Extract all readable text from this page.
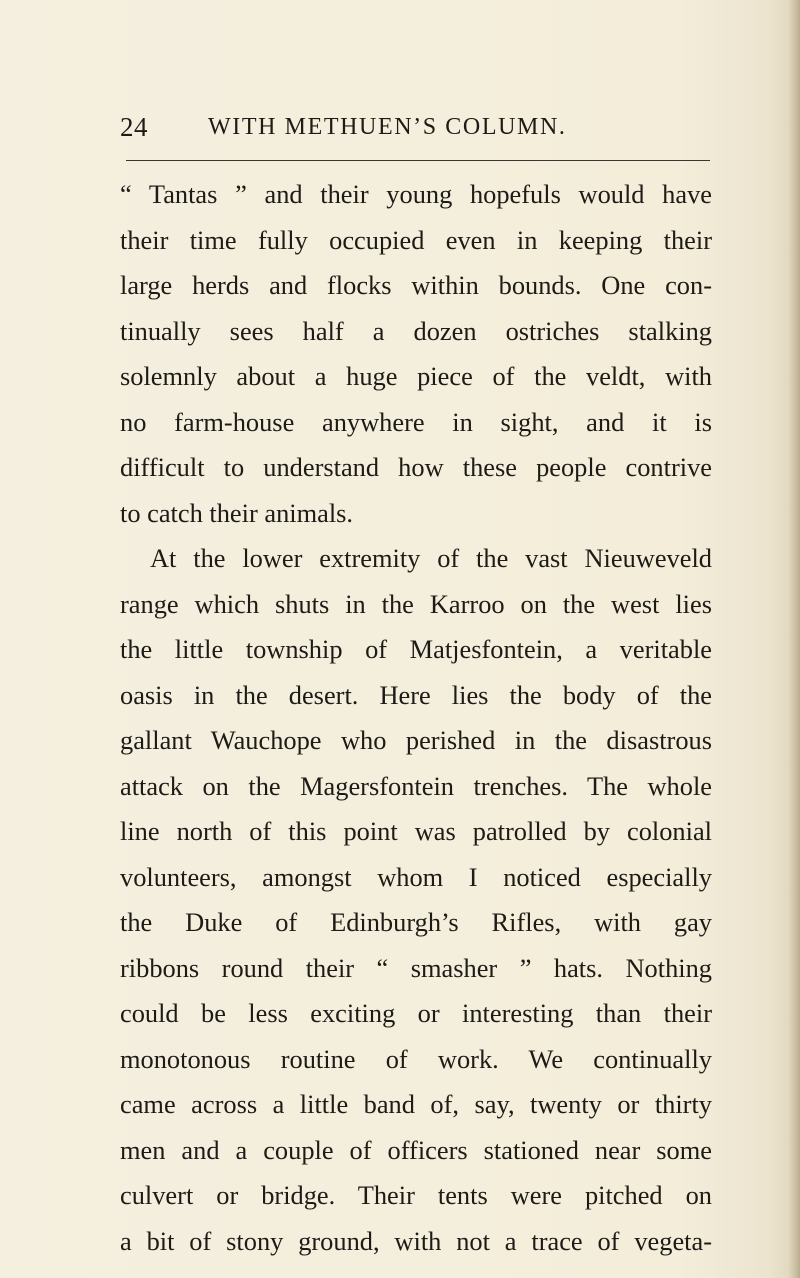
24	WITH METHUEN’S COLUMN.
“ Tantas ” and their young hopefuls would have
their time fully occupied even in keeping their
large herds and flocks within bounds. One con-
tinually sees half a dozen ostriches stalking
solemnly about a huge piece of the veldt, with
no farm-house anywhere in sight, and it is
difficult to understand how these people contrive
to catch their animals.
At the lower extremity of the vast Nieuweveld
range which shuts in the Karroo on the west lies
the little township of Matjesfontein, a veritable
oasis in the desert. Here lies the body of the
gallant Wauchope who perished in the disastrous
attack on the Magersfontein trenches. The whole
line north of this point was patrolled by colonial
volunteers, amongst whom I noticed especially
the Duke of Edinburgh’s Rifles, with gay
ribbons round their “ smasher ” hats. Nothing
could be less exciting or interesting than their
monotonous routine of work. We continually
came across a little band of, say, twenty or thirty
men and a couple of officers stationed near some
culvert or bridge. Their tents were pitched on
a bit of stony ground, with not a trace of vegeta-
